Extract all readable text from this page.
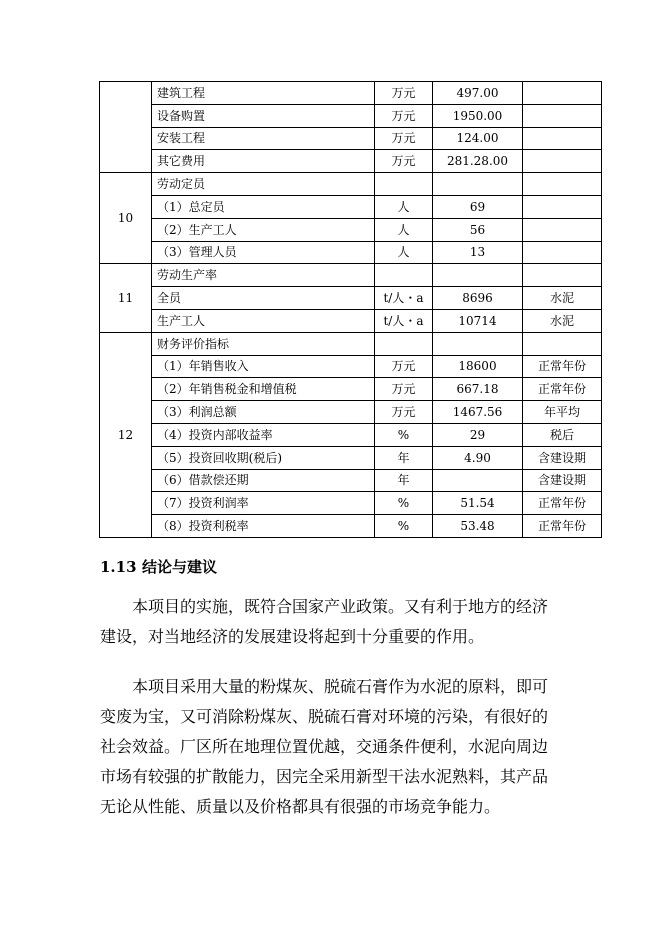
	建筑工程	万元	497.00	
	设备购置	万元	1950.00	
	安装工程	万元	124.00	
	其它费用	万元	281.28.00	
10	劳动定员			
	（1）总定员	人	69	
	（2）生产工人	人	56	
	（3）管理人员	人	13	
11	劳动生产率			
	全员	t/人・a	8696	水泥
	生产工人	t/人・a	10714	水泥
12	财务评价指标			
	（1）年销售收入	万元	18600	正常年份
	（2）年销售税金和增值税	万元	667.18	正常年份
	（3）利润总额	万元	1467.56	年平均
	（4）投资内部收益率	%	29	税后
	（5）投资回收期(税后)	年	4.90	含建设期
	（6）借款偿还期	年		含建设期
	（7）投资利润率	%	51.54	正常年份
	（8）投资利税率	%	53.48	正常年份
1.13 结论与建议

本项目的实施，既符合国家产业政策。又有利于地方的经济建设，对当地经济的发展建设将起到十分重要的作用。

本项目采用大量的粉煤灰、脱硫石膏作为水泥的原料，即可变废为宝，又可消除粉煤灰、脱硫石膏对环境的污染，有很好的社会效益。厂区所在地理位置优越，交通条件便利，水泥向周边市场有较强的扩散能力，因完全采用新型干法水泥熟料，其产品无论从性能、质量以及价格都具有很强的市场竞争能力。
